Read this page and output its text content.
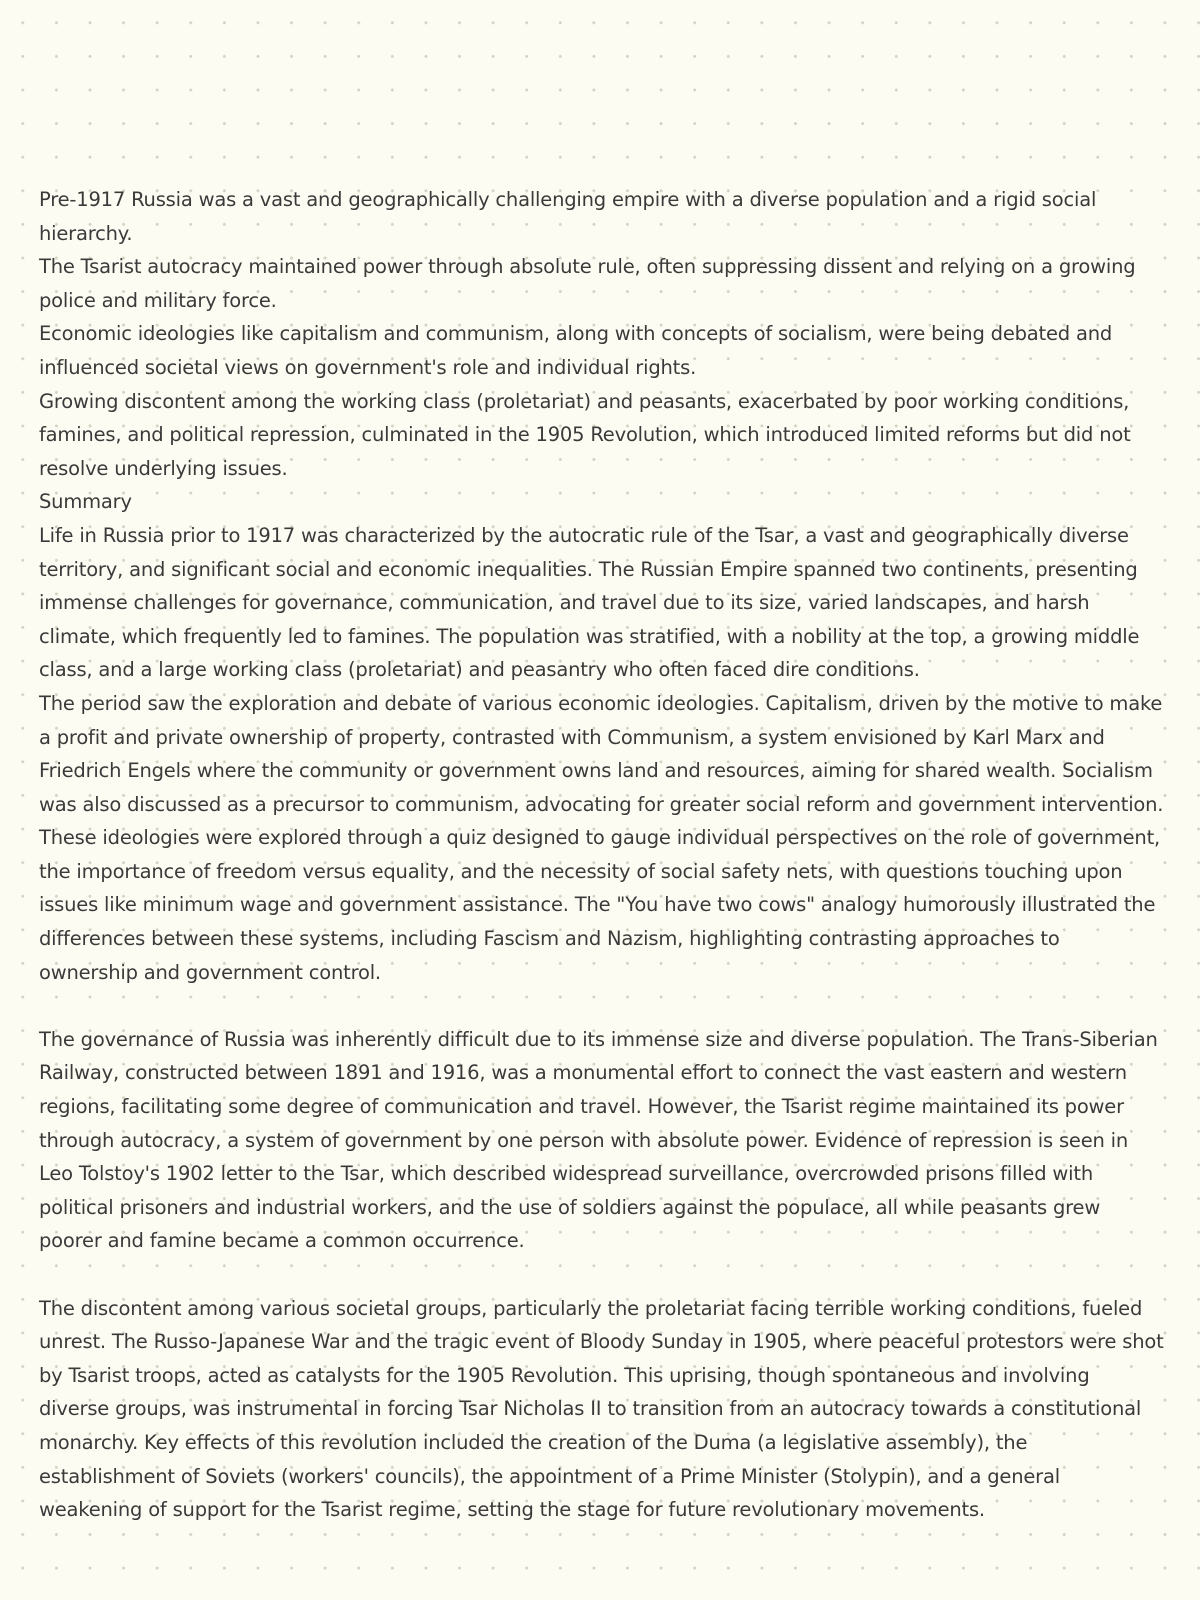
Pre-1917 Russia was a vast and geographically challenging empire with a diverse population and a rigid social hierarchy.
The Tsarist autocracy maintained power through absolute rule, often suppressing dissent and relying on a growing police and military force.
Economic ideologies like capitalism and communism, along with concepts of socialism, were being debated and influenced societal views on government's role and individual rights.
Growing discontent among the working class (proletariat) and peasants, exacerbated by poor working conditions, famines, and political repression, culminated in the 1905 Revolution, which introduced limited reforms but did not resolve underlying issues.
Summary
Life in Russia prior to 1917 was characterized by the autocratic rule of the Tsar, a vast and geographically diverse territory, and significant social and economic inequalities. The Russian Empire spanned two continents, presenting immense challenges for governance, communication, and travel due to its size, varied landscapes, and harsh climate, which frequently led to famines. The population was stratified, with a nobility at the top, a growing middle class, and a large working class (proletariat) and peasantry who often faced dire conditions.
The period saw the exploration and debate of various economic ideologies. Capitalism, driven by the motive to make a profit and private ownership of property, contrasted with Communism, a system envisioned by Karl Marx and Friedrich Engels where the community or government owns land and resources, aiming for shared wealth. Socialism was also discussed as a precursor to communism, advocating for greater social reform and government intervention. These ideologies were explored through a quiz designed to gauge individual perspectives on the role of government, the importance of freedom versus equality, and the necessity of social safety nets, with questions touching upon issues like minimum wage and government assistance. The "You have two cows" analogy humorously illustrated the differences between these systems, including Fascism and Nazism, highlighting contrasting approaches to ownership and government control.
The governance of Russia was inherently difficult due to its immense size and diverse population. The Trans-Siberian Railway, constructed between 1891 and 1916, was a monumental effort to connect the vast eastern and western regions, facilitating some degree of communication and travel. However, the Tsarist regime maintained its power through autocracy, a system of government by one person with absolute power. Evidence of repression is seen in Leo Tolstoy's 1902 letter to the Tsar, which described widespread surveillance, overcrowded prisons filled with political prisoners and industrial workers, and the use of soldiers against the populace, all while peasants grew poorer and famine became a common occurrence.
The discontent among various societal groups, particularly the proletariat facing terrible working conditions, fueled unrest. The Russo-Japanese War and the tragic event of Bloody Sunday in 1905, where peaceful protestors were shot by Tsarist troops, acted as catalysts for the 1905 Revolution. This uprising, though spontaneous and involving diverse groups, was instrumental in forcing Tsar Nicholas II to transition from an autocracy towards a constitutional monarchy. Key effects of this revolution included the creation of the Duma (a legislative assembly), the establishment of Soviets (workers' councils), the appointment of a Prime Minister (Stolypin), and a general weakening of support for the Tsarist regime, setting the stage for future revolutionary movements.
